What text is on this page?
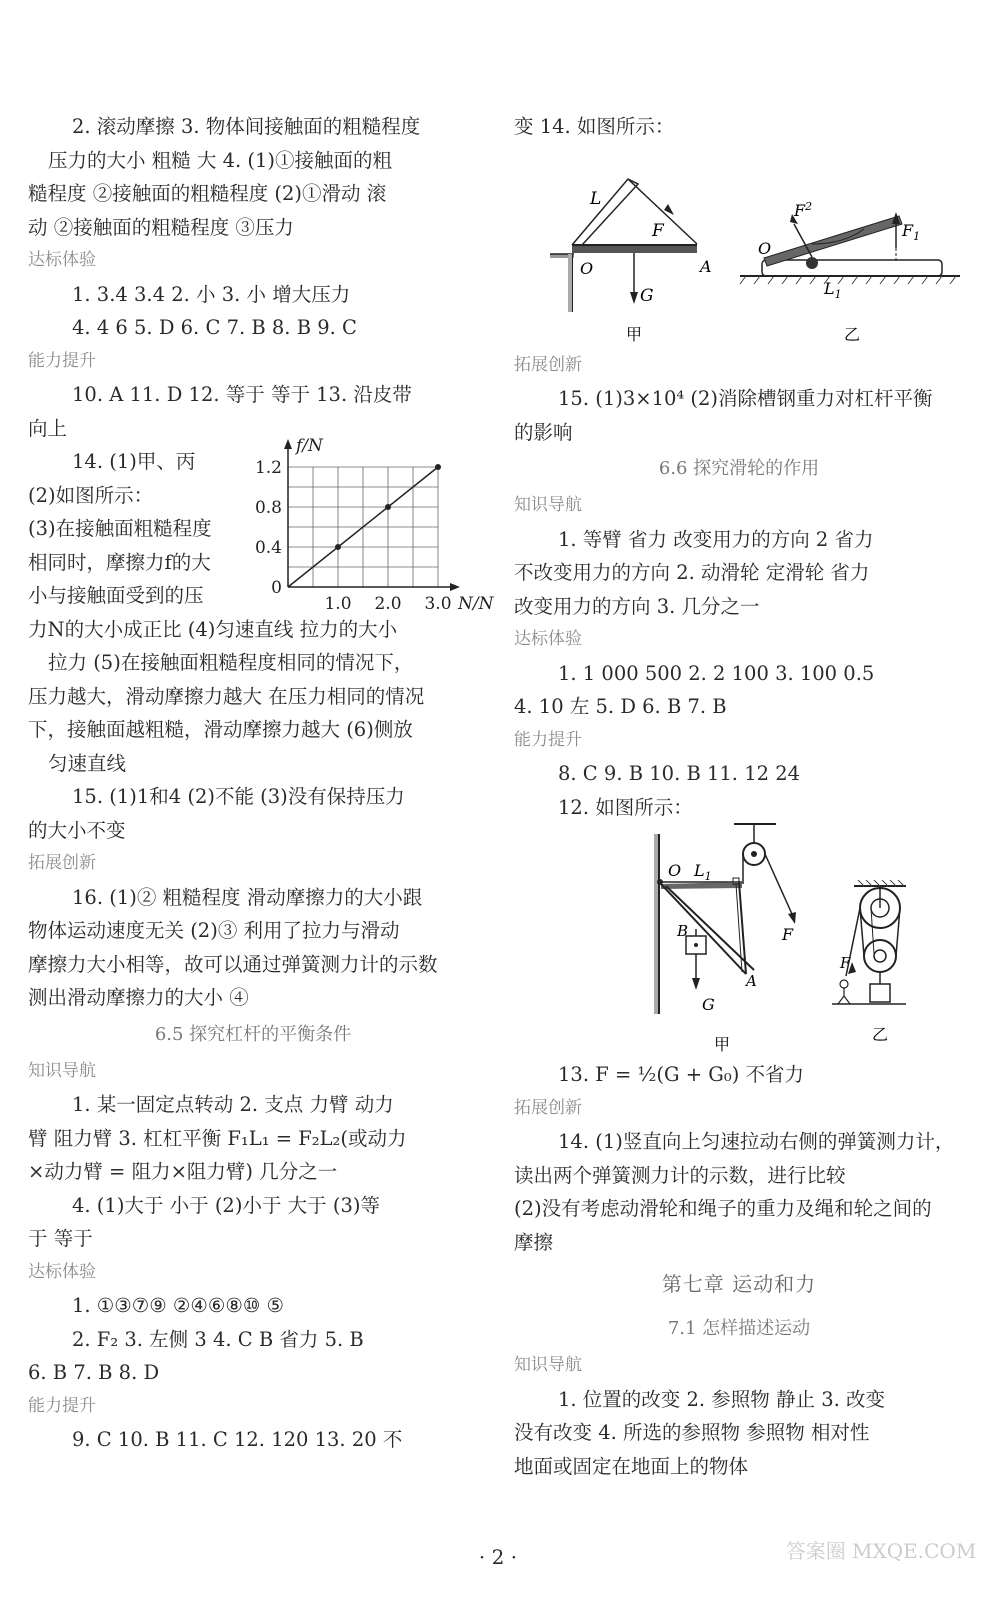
2. 滚动摩擦 3. 物体间接触面的粗糙程度
压力的大小 粗糙 大 4. (1)①接触面的粗
糙程度 ②接触面的粗糙程度 (2)①滑动 滚
动 ②接触面的粗糙程度 ③压力
达标体验
1. 3.4 3.4 2. 小 3. 小 增大压力
4. 4 6 5. D 6. C 7. B 8. B 9. C
能力提升
10. A 11. D 12. 等于 等于 13. 沿皮带
向上
14. (1)甲、丙
(2)如图所示：
(3)在接触面粗糙程度
相同时，摩擦力f的大
小与接触面受到的压
力N的大小成正比 (4)匀速直线 拉力的大小
拉力 (5)在接触面粗糙程度相同的情况下，
压力越大，滑动摩擦力越大 在压力相同的情况
下，接触面越粗糙，滑动摩擦力越大 (6)侧放
匀速直线
15. (1)1和4 (2)不能 (3)没有保持压力
的大小不变
拓展创新
16. (1)② 粗糙程度 滑动摩擦力的大小跟
物体运动速度无关 (2)③ 利用了拉力与滑动
摩擦力大小相等，故可以通过弹簧测力计的示数
测出滑动摩擦力的大小 ④
6.5 探究杠杆的平衡条件
知识导航
1. 某一固定点转动 2. 支点 力臂 动力
臂 阻力臂 3. 杠杠平衡 F₁L₁ = F₂L₂(或动力
×动力臂 = 阻力×阻力臂) 几分之一
4. (1)大于 小于 (2)小于 大于 (3)等
于 等于
达标体验
1. ①③⑦⑨ ②④⑥⑧⑩ ⑤
2. F₂ 3. 左侧 3 4. C B 省力 5. B
6. B 7. B 8. D
能力提升
9. C 10. B 11. C 12. 120 13. 20 不
变 14. 如图所示：
L
F
O	A
G
甲
O
$F^2$
$F_1$
$L_1$
乙
拓展创新
15. (1)3×10⁴ (2)消除槽钢重力对杠杆平衡
的影响
6.6 探究滑轮的作用
知识导航
1. 等臂 省力 改变用力的方向 2 省力
不改变用力的方向 2. 动滑轮 定滑轮 省力
改变用力的方向 3. 几分之一
达标体验
1. 1 000 500 2. 2 100 3. 100 0.5
4. 10 左 5. D 6. B 7. B
能力提升
8. C 9. B 10. B 11. 12 24
12. 如图所示：
O $L_1$
F
B
A
G
甲
F
乙
13. F = ½(G + G₀) 不省力
拓展创新
14. (1)竖直向上匀速拉动右侧的弹簧测力计，
读出两个弹簧测力计的示数，进行比较
(2)没有考虑动滑轮和绳子的重力及绳和轮之间的
摩擦
第七章 运动和力
7.1 怎样描述运动
知识导航
1. 位置的改变 2. 参照物 静止 3. 改变
没有改变 4. 所选的参照物 参照物 相对性
地面或固定在地面上的物体
0
0.4
0.8
1.2
1.0 2.0 3.0
f/N
N/N
· 2 ·	答案圈 MXQE.COM
